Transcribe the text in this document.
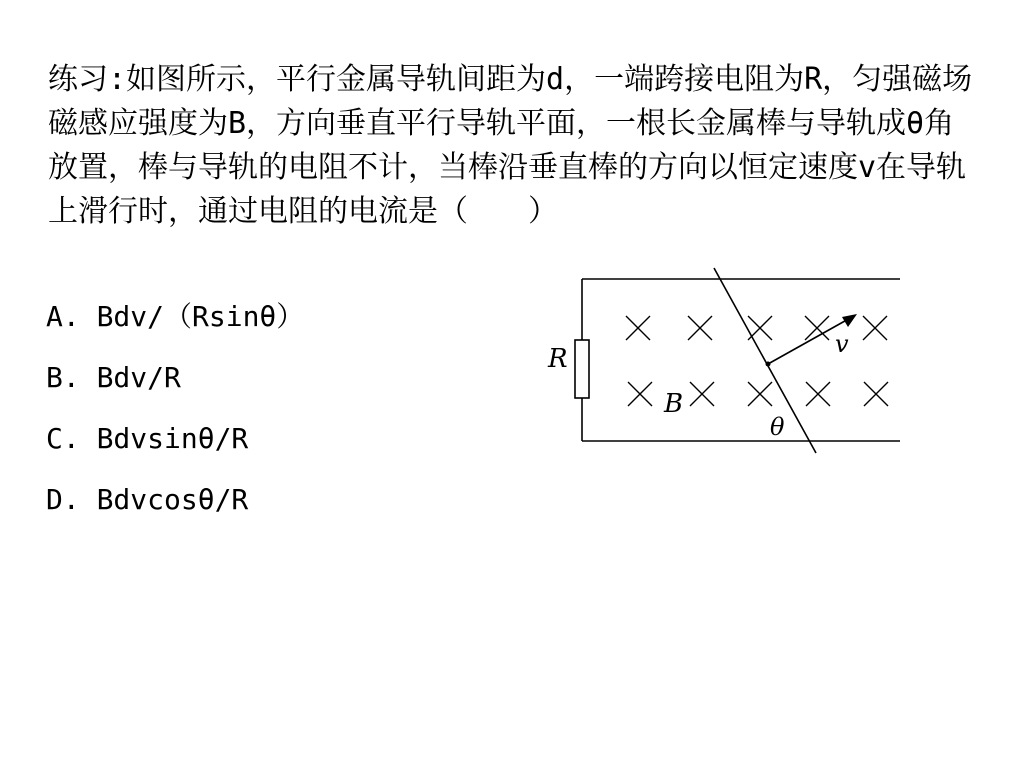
练习:如图所示，平行金属导轨间距为d，一端跨接电阻为R，匀强磁场磁感应强度为B，方向垂直平行导轨平面，一根长金属棒与导轨成θ角放置，棒与导轨的电阻不计，当棒沿垂直棒的方向以恒定速度v在导轨上滑行时，通过电阻的电流是（　　）

A. Bdv/（Rsinθ）
B. Bdv/R
C. Bdvsinθ/R
D. Bdvcosθ/R
R
B
v
θ
